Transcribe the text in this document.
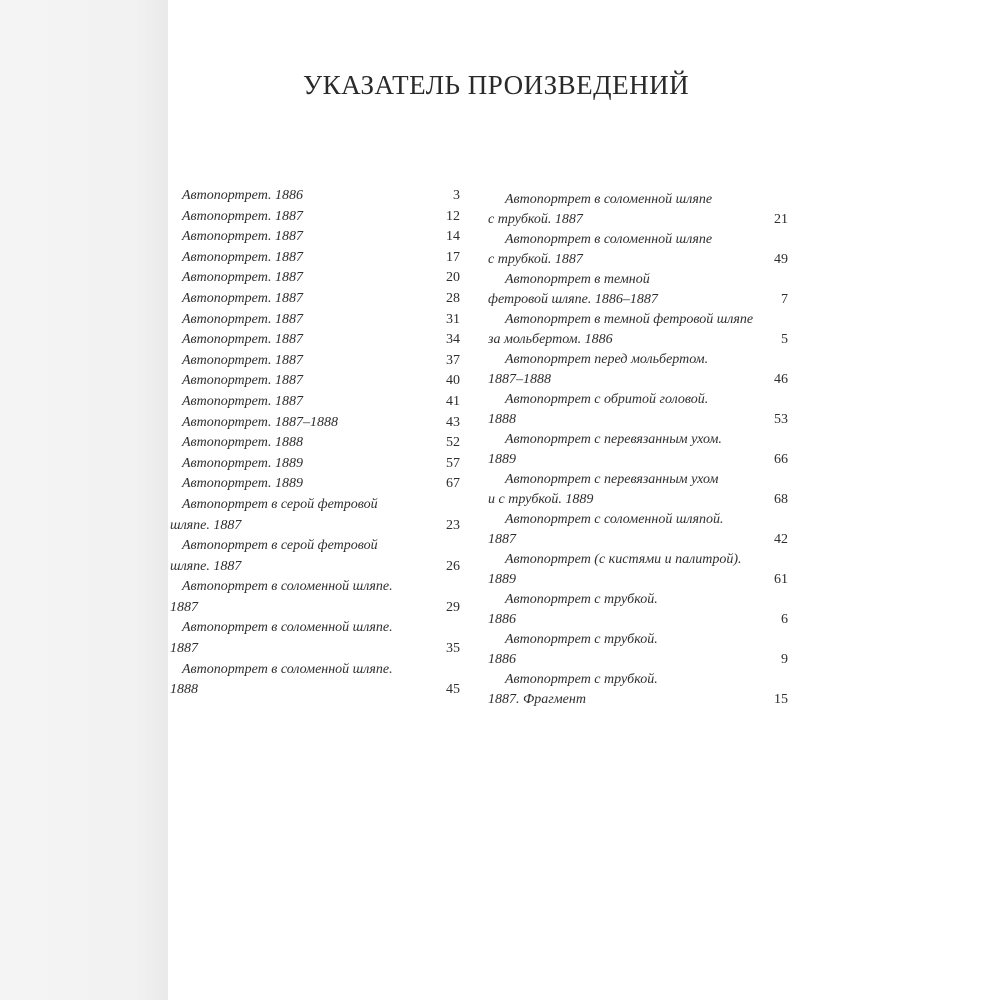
УКАЗАТЕЛЬ ПРОИЗВЕДЕНИЙ
Автопортрет. 1886	3
Автопортрет. 1887	12
Автопортрет. 1887	14
Автопортрет. 1887	17
Автопортрет. 1887	20
Автопортрет. 1887	28
Автопортрет. 1887	31
Автопортрет. 1887	34
Автопортрет. 1887	37
Автопортрет. 1887	40
Автопортрет. 1887	41
Автопортрет. 1887–1888	43
Автопортрет. 1888	52
Автопортрет. 1889	57
Автопортрет. 1889	67
Автопортрет в серой фетровой
шляпе. 1887	23
Автопортрет в серой фетровой
шляпе. 1887	26
Автопортрет в соломенной шляпе.
1887	29
Автопортрет в соломенной шляпе.
1887	35
Автопортрет в соломенной шляпе.
1888	45
Автопортрет в соломенной шляпе
с трубкой. 1887	21
Автопортрет в соломенной шляпе
с трубкой. 1887	49
Автопортрет в темной
фетровой шляпе. 1886–1887	7
Автопортрет в темной фетровой шляпе
за мольбертом. 1886	5
Автопортрет перед мольбертом.
1887–1888	46
Автопортрет с обритой головой.
1888	53
Автопортрет с перевязанным ухом.
1889	66
Автопортрет с перевязанным ухом
и с трубкой. 1889	68
Автопортрет с соломенной шляпой.
1887	42
Автопортрет (с кистями и палитрой).
1889	61
Автопортрет с трубкой.
1886	6
Автопортрет с трубкой.
1886	9
Автопортрет с трубкой.
1887. Фрагмент	15
